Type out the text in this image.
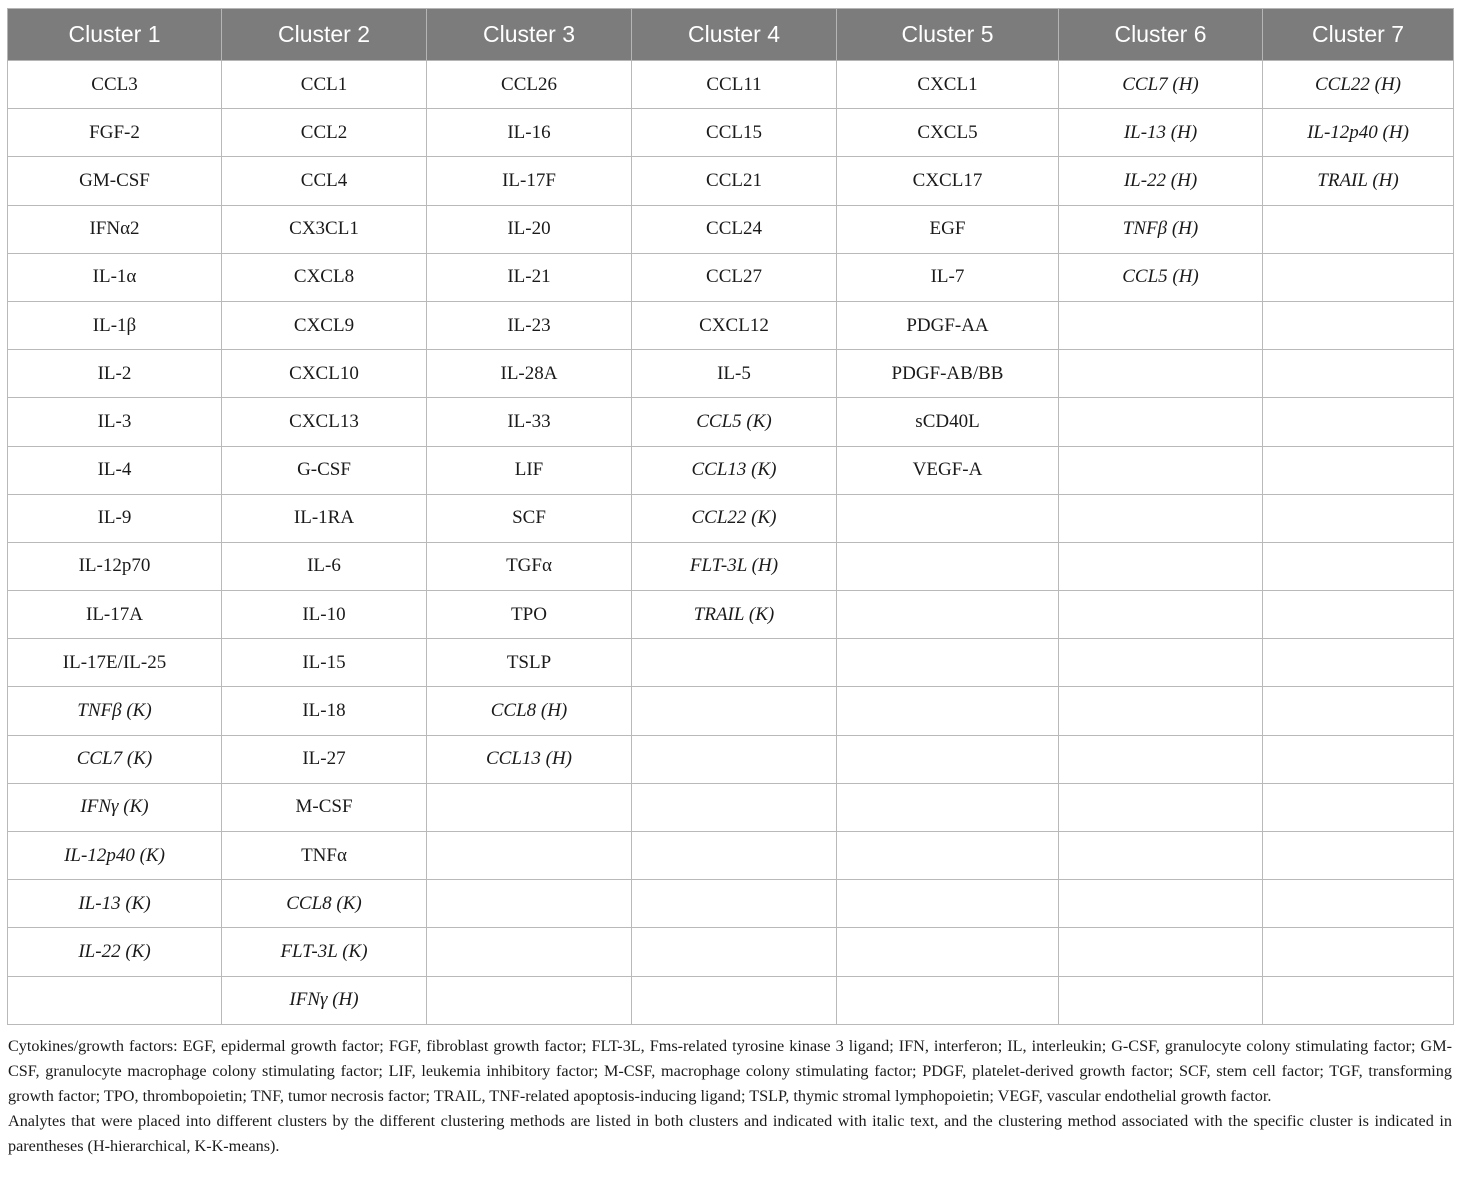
Cluster 1	Cluster 2	Cluster 3	Cluster 4	Cluster 5	Cluster 6	Cluster 7
CCL3	CCL1	CCL26	CCL11	CXCL1	CCL7 (H)	CCL22 (H)
FGF-2	CCL2	IL-16	CCL15	CXCL5	IL-13 (H)	IL-12p40 (H)
GM-CSF	CCL4	IL-17F	CCL21	CXCL17	IL-22 (H)	TRAIL (H)
IFNα2	CX3CL1	IL-20	CCL24	EGF	TNFβ (H)	
IL-1α	CXCL8	IL-21	CCL27	IL-7	CCL5 (H)	
IL-1β	CXCL9	IL-23	CXCL12	PDGF-AA		
IL-2	CXCL10	IL-28A	IL-5	PDGF-AB/BB		
IL-3	CXCL13	IL-33	CCL5 (K)	sCD40L		
IL-4	G-CSF	LIF	CCL13 (K)	VEGF-A		
IL-9	IL-1RA	SCF	CCL22 (K)			
IL-12p70	IL-6	TGFα	FLT-3L (H)			
IL-17A	IL-10	TPO	TRAIL (K)			
IL-17E/IL-25	IL-15	TSLP				
TNFβ (K)	IL-18	CCL8 (H)				
CCL7 (K)	IL-27	CCL13 (H)				
IFNγ (K)	M-CSF					
IL-12p40 (K)	TNFα					
IL-13 (K)	CCL8 (K)					
IL-22 (K)	FLT-3L (K)					
	IFNγ (H)					

Cytokines/growth factors: EGF, epidermal growth factor; FGF, fibroblast growth factor; FLT-3L, Fms-related tyrosine kinase 3 ligand; IFN, interferon; IL, interleukin; G-CSF, granulocyte colony stimulating factor; GM-CSF, granulocyte macrophage colony stimulating factor; LIF, leukemia inhibitory factor; M-CSF, macrophage colony stimulating factor; PDGF, platelet-derived growth factor; SCF, stem cell factor; TGF, transforming growth factor; TPO, thrombopoietin; TNF, tumor necrosis factor; TRAIL, TNF-related apoptosis-inducing ligand; TSLP, thymic stromal lymphopoietin; VEGF, vascular endothelial growth factor.

Analytes that were placed into different clusters by the different clustering methods are listed in both clusters and indicated with italic text, and the clustering method associated with the specific cluster is indicated in parentheses (H-hierarchical, K-K-means).
